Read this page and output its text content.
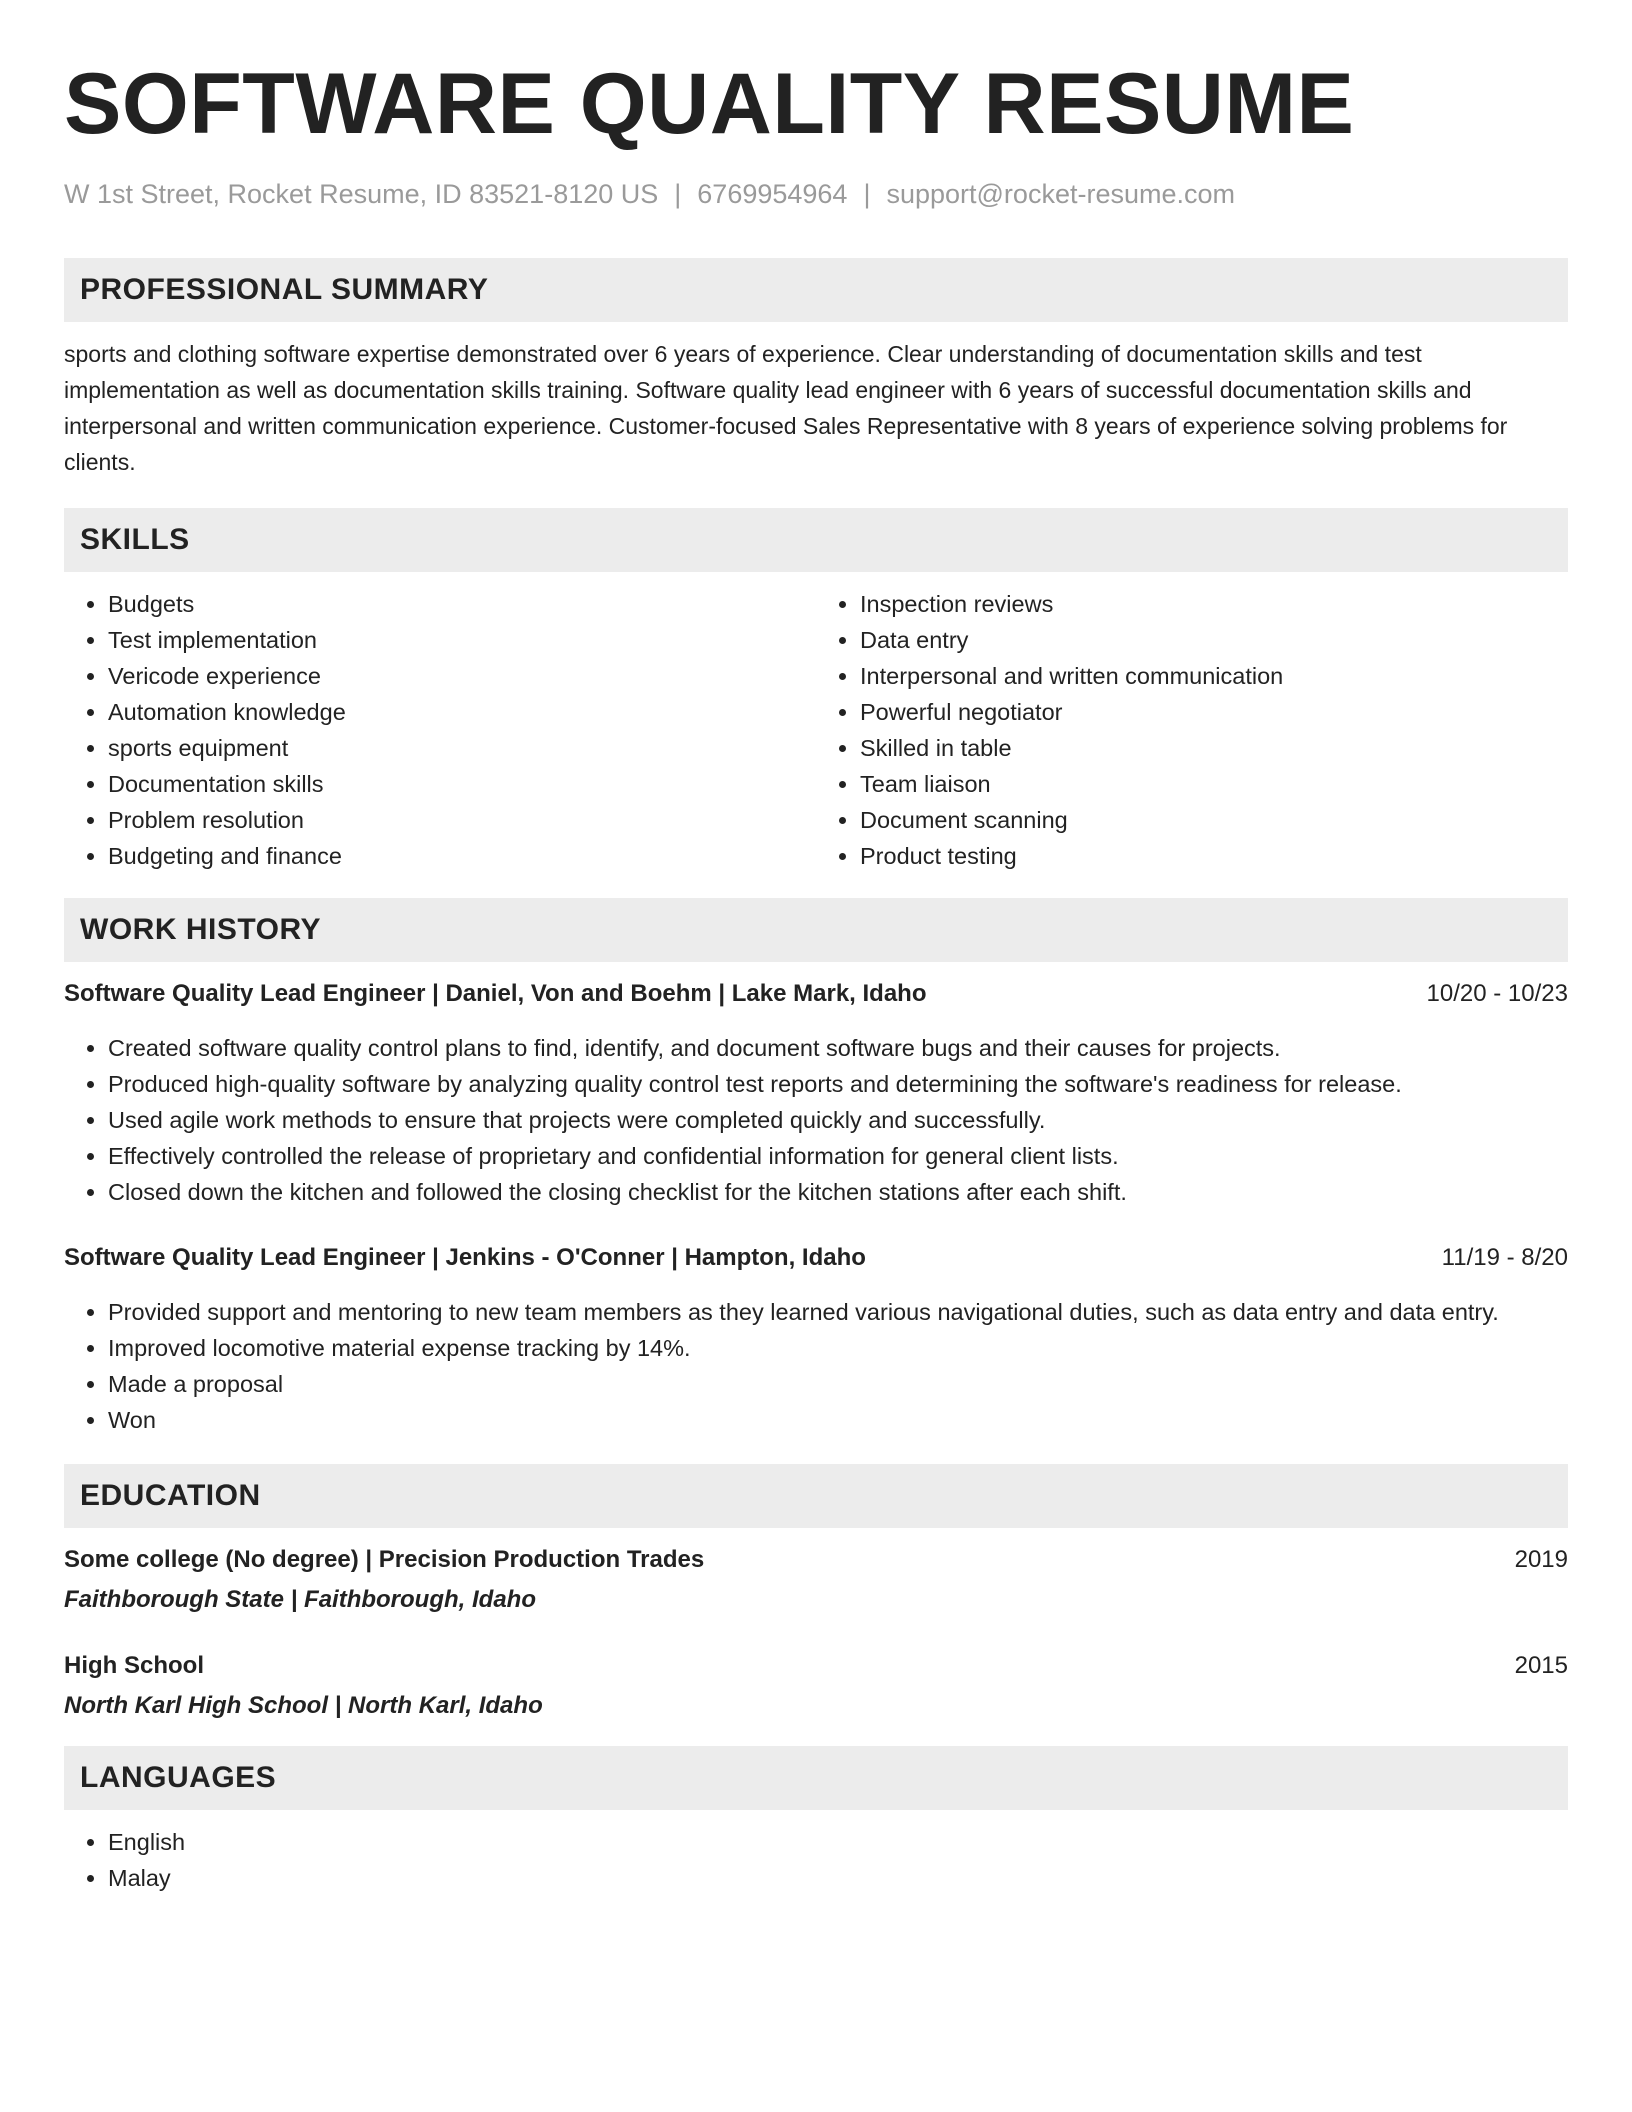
SOFTWARE QUALITY RESUME
W 1st Street, Rocket Resume, ID 83521-8120 US | 6769954964 | support@rocket-resume.com
PROFESSIONAL SUMMARY

sports and clothing software expertise demonstrated over 6 years of experience. Clear understanding of documentation skills and test implementation as well as documentation skills training. Software quality lead engineer with 6 years of successful documentation skills and interpersonal and written communication experience. Customer-focused Sales Representative with 8 years of experience solving problems for clients.

SKILLS
• Budgets
• Test implementation
• Vericode experience
• Automation knowledge
• sports equipment
• Documentation skills
• Problem resolution
• Budgeting and finance
• Inspection reviews
• Data entry
• Interpersonal and written communication
• Powerful negotiator
• Skilled in table
• Team liaison
• Document scanning
• Product testing
WORK HISTORY
Software Quality Lead Engineer | Daniel, Von and Boehm | Lake Mark, Idaho	10/20 - 10/23
• Created software quality control plans to find, identify, and document software bugs and their causes for projects.
• Produced high-quality software by analyzing quality control test reports and determining the software's readiness for release.
• Used agile work methods to ensure that projects were completed quickly and successfully.
• Effectively controlled the release of proprietary and confidential information for general client lists.
• Closed down the kitchen and followed the closing checklist for the kitchen stations after each shift.
Software Quality Lead Engineer | Jenkins - O'Conner | Hampton, Idaho	11/19 - 8/20
• Provided support and mentoring to new team members as they learned various navigational duties, such as data entry and data entry.
• Improved locomotive material expense tracking by 14%.
• Made a proposal
• Won
EDUCATION
Some college (No degree) | Precision Production Trades	2019
Faithborough State | Faithborough, Idaho
High School	2015
North Karl High School | North Karl, Idaho
LANGUAGES
• English
• Malay
